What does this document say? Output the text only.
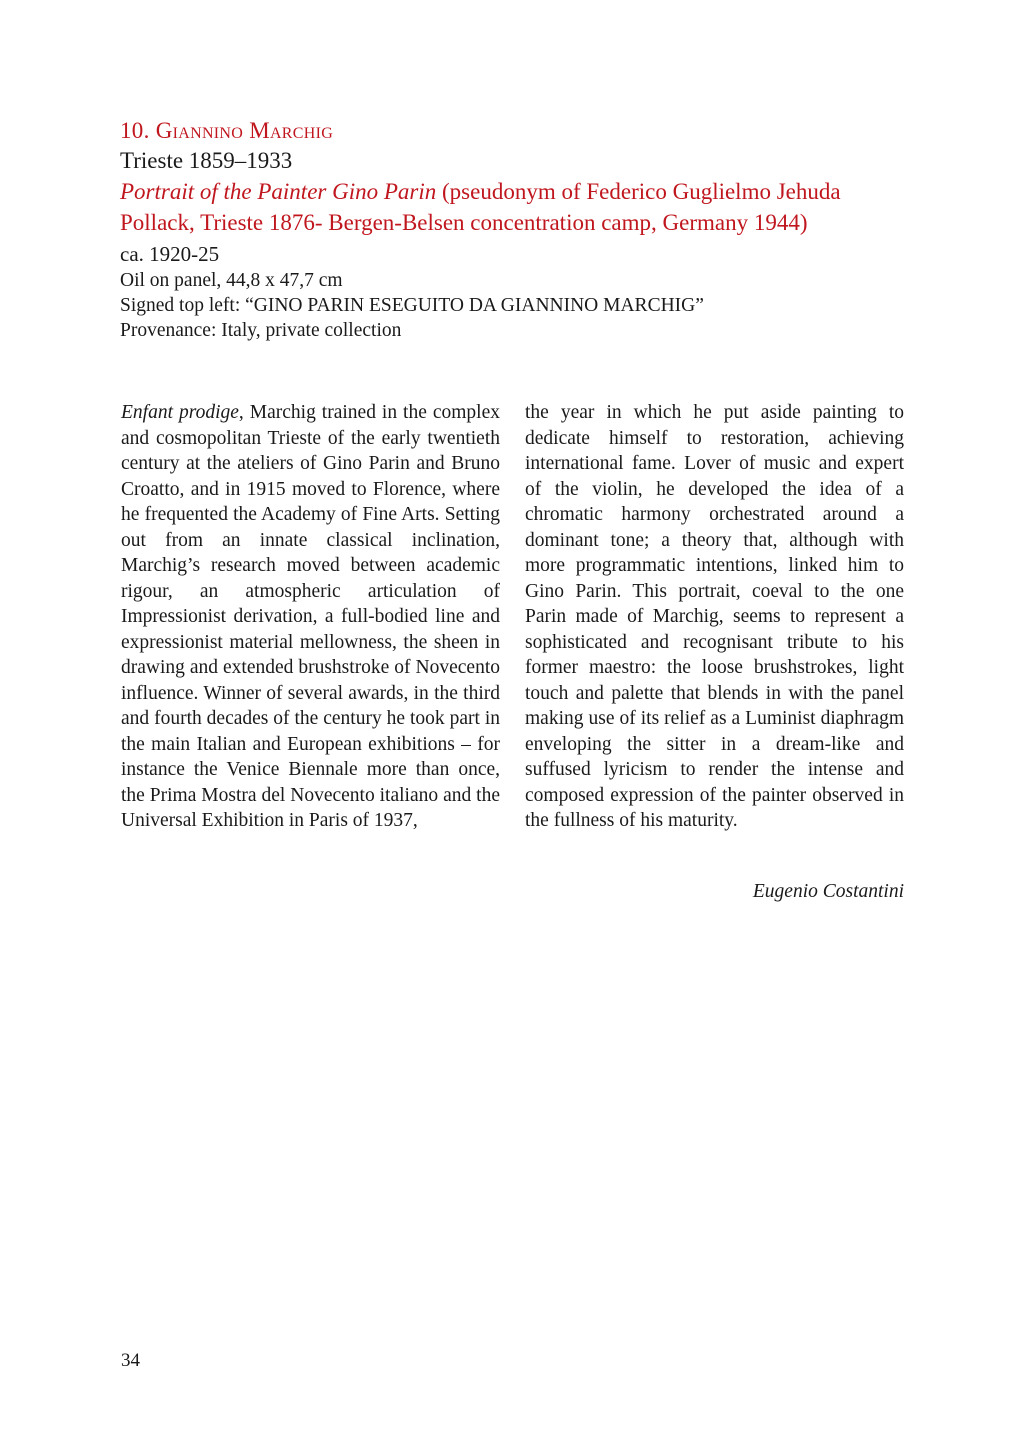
10. Giannino Marchig
Trieste 1859–1933
Portrait of the Painter Gino Parin (pseudonym of Federico Guglielmo Jehuda Pollack, Trieste 1876- Bergen-Belsen concentration camp, Germany 1944)
ca. 1920-25
Oil on panel, 44,8 x 47,7 cm
Signed top left: “GINO PARIN ESEGUITO DA GIANNINO MARCHIG”
Provenance: Italy, private collection
Enfant prodige, Marchig trained in the complex and cosmopolitan Trieste of the early twentieth century at the ateliers of Gino Parin and Bruno Croatto, and in 1915 moved to Florence, where he frequented the Academy of Fine Arts. Setting out from an innate classical inclination, Marchig’s research moved between academic rigour, an atmospheric articulation of Impressionist derivation, a full-bodied line and expressionist material mellowness, the sheen in drawing and extended brushstroke of Novecento influence. Winner of several awards, in the third and fourth decades of the century he took part in the main Italian and European exhibitions – for instance the Venice Biennale more than once, the Prima Mostra del Novecento italiano and the Universal Exhibition in Paris of 1937,
the year in which he put aside painting to dedicate himself to restoration, achieving international fame. Lover of music and expert of the violin, he developed the idea of a chromatic harmony orchestrated around a dominant tone; a theory that, although with more programmatic intentions, linked him to Gino Parin. This portrait, coeval to the one Parin made of Marchig, seems to represent a sophisticated and recognisant tribute to his former maestro: the loose brushstrokes, light touch and palette that blends in with the panel making use of its relief as a Luminist diaphragm enveloping the sitter in a dream-like and suffused lyricism to render the intense and composed expression of the painter observed in the fullness of his maturity.
Eugenio Costantini
34
